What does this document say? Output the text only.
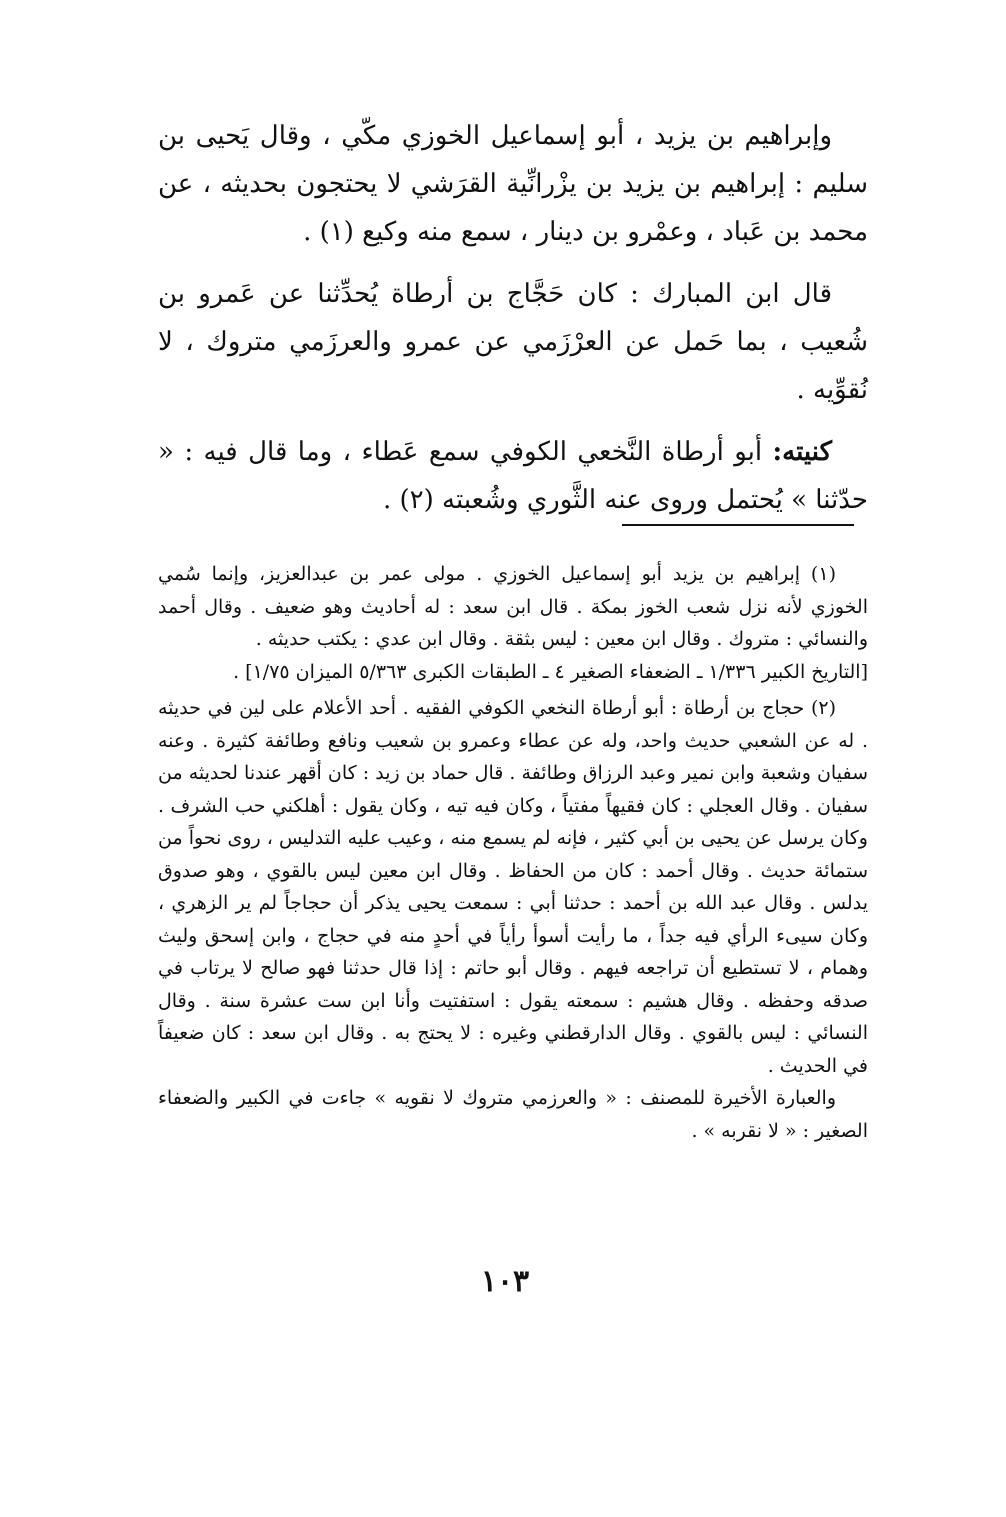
وإبراهيم بن يزيد ، أبو إسماعيل الخوزي مكّي ، وقال يَحيى بن سليم : إبراهيم بن يزيد بن يزْرانِّية القرَشي لا يحتجون بحديثه ، عن محمد بن عَباد ، وعمْرو بن دينار ، سمع منه وكيع (١) .

قال ابن المبارك : كان حَجَّاج بن أرطاة يُحدِّثنا عن عَمرو بن شُعيب ، بما حَمل عن العرْزَمي عن عمرو والعرزَمي متروك ، لا نُقوِّيه .

كنيته: أبو أرطاة النَّخعي الكوفي سمع عَطاء ، وما قال فيه : « حدّثنا » يُحتمل وروى عنه الثَّوري وشُعبته (٢) .

(١) إبراهيم بن يزيد أبو إسماعيل الخوزي . مولى عمر بن عبدالعزيز، وإنما سُمي الخوزي لأنه نزل شعب الخوز بمكة . قال ابن سعد : له أحاديث وهو ضعيف . وقال أحمد والنسائي : متروك . وقال ابن معين : ليس بثقة . وقال ابن عدي : يكتب حديثه .

[التاريخ الكبير ١/٣٣٦ ـ الضعفاء الصغير ٤ ـ الطبقات الكبرى ٥/٣٦٣ الميزان ١/٧٥] .

(٢) حجاج بن أرطاة : أبو أرطاة النخعي الكوفي الفقيه . أحد الأعلام على لين في حديثه . له عن الشعبي حديث واحد، وله عن عطاء وعمرو بن شعيب ونافع وطائفة كثيرة . وعنه سفيان وشعبة وابن نمير وعبد الرزاق وطائفة . قال حماد بن زيد : كان أقهر عندنا لحديثه من سفيان . وقال العجلي : كان فقيهاً مفتياً ، وكان فيه تيه ، وكان يقول : أهلكني حب الشرف . وكان يرسل عن يحيى بن أبي كثير ، فإنه لم يسمع منه ، وعيب عليه التدليس ، روى نحواً من ستمائة حديث . وقال أحمد : كان من الحفاظ . وقال ابن معين ليس بالقوي ، وهو صدوق يدلس . وقال عبد الله بن أحمد : حدثنا أبي : سمعت يحيى يذكر أن حجاجاً لم ير الزهري ، وكان سيىء الرأي فيه جداً ، ما رأيت أسوأ رأياً في أحدٍ منه في حجاج ، وابن إسحق وليث وهمام ، لا تستطيع أن تراجعه فيهم . وقال أبو حاتم : إذا قال حدثنا فهو صالح لا يرتاب في صدقه وحفظه . وقال هشيم : سمعته يقول : استفتيت وأنا ابن ست عشرة سنة . وقال النسائي : ليس بالقوي . وقال الدارقطني وغيره : لا يحتج به . وقال ابن سعد : كان ضعيفاً في الحديث .

والعبارة الأخيرة للمصنف : « والعرزمي متروك لا نقويه » جاءت في الكبير والضعفاء الصغير : « لا نقربه » .

١٠٣
